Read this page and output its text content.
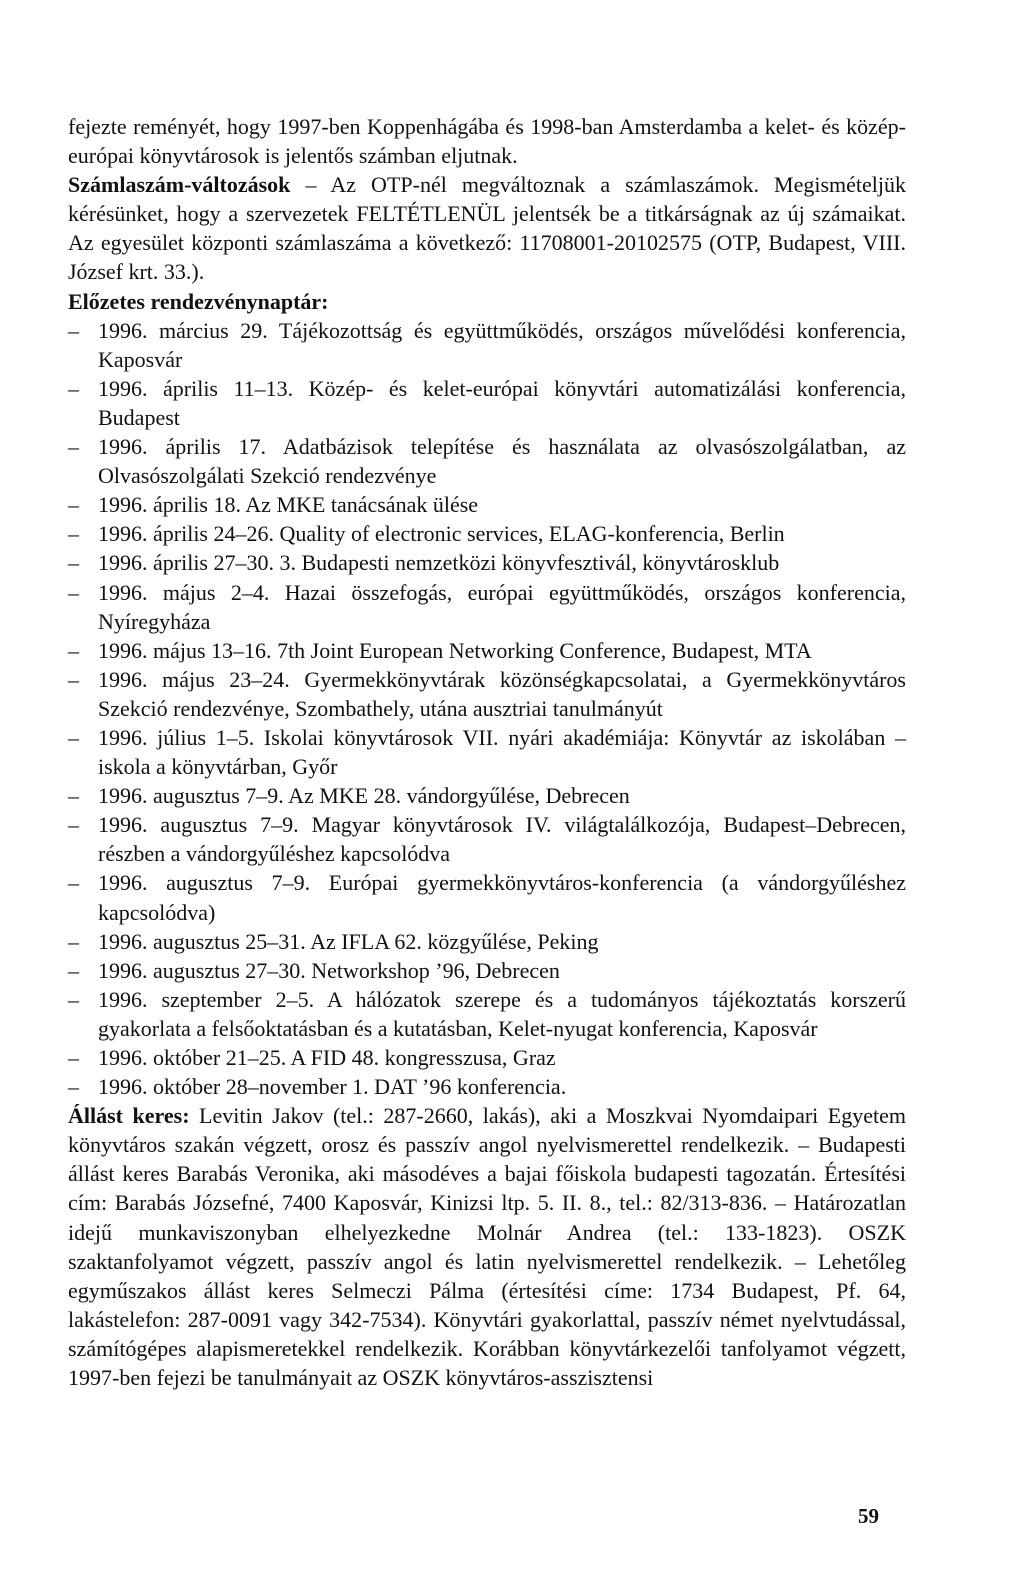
fejezte reményét, hogy 1997-ben Koppenhágába és 1998-ban Amsterdamba a kelet- és közép-európai könyvtárosok is jelentős számban eljutnak.

Számlaszám-változások – Az OTP-nél megváltoznak a számlaszámok. Megismételjük kérésünket, hogy a szervezetek FELTÉTLENÜL jelentsék be a titkárságnak az új számaikat. Az egyesület központi számlaszáma a következő: 11708001-20102575 (OTP, Budapest, VIII. József krt. 33.).

Előzetes rendezvénynaptár:

– 1996. március 29. Tájékozottság és együttműködés, országos művelődési konferencia, Kaposvár
– 1996. április 11–13. Közép- és kelet-európai könyvtári automatizálási konferencia, Budapest
– 1996. április 17. Adatbázisok telepítése és használata az olvasószolgálatban, az Olvasószolgálati Szekció rendezvénye
– 1996. április 18. Az MKE tanácsának ülése
– 1996. április 24–26. Quality of electronic services, ELAG-konferencia, Berlin
– 1996. április 27–30. 3. Budapesti nemzetközi könyvfesztivál, könyvtárosklub
– 1996. május 2–4. Hazai összefogás, európai együttműködés, országos konferencia, Nyíregyháza
– 1996. május 13–16. 7th Joint European Networking Conference, Budapest, MTA
– 1996. május 23–24. Gyermekkönyvtárak közönségkapcsolatai, a Gyermekkönyvtáros Szekció rendezvénye, Szombathely, utána ausztriai tanulmányút
– 1996. július 1–5. Iskolai könyvtárosok VII. nyári akadémiája: Könyvtár az iskolában – iskola a könyvtárban, Győr
– 1996. augusztus 7–9. Az MKE 28. vándorgyűlése, Debrecen
– 1996. augusztus 7–9. Magyar könyvtárosok IV. világtalálkozója, Budapest–Debrecen, részben a vándorgyűléshez kapcsolódva
– 1996. augusztus 7–9. Európai gyermekkönyvtáros-konferencia (a vándorgyűléshez kapcsolódva)
– 1996. augusztus 25–31. Az IFLA 62. közgyűlése, Peking
– 1996. augusztus 27–30. Networkshop ’96, Debrecen
– 1996. szeptember 2–5. A hálózatok szerepe és a tudományos tájékoztatás korszerű gyakorlata a felsőoktatásban és a kutatásban, Kelet-nyugat konferencia, Kaposvár
– 1996. október 21–25. A FID 48. kongresszusa, Graz
– 1996. október 28–november 1. DAT ’96 konferencia.

Állást keres: Levitin Jakov (tel.: 287-2660, lakás), aki a Moszkvai Nyomdaipari Egyetem könyvtáros szakán végzett, orosz és passzív angol nyelvismerettel rendelkezik. – Budapesti állást keres Barabás Veronika, aki másodéves a bajai főiskola budapesti tagozatán. Értesítési cím: Barabás Józsefné, 7400 Kaposvár, Kinizsi ltp. 5. II. 8., tel.: 82/313-836. – Határozatlan idejű munkaviszonyban elhelyezkedne Molnár Andrea (tel.: 133-1823). OSZK szaktanfolyamot végzett, passzív angol és latin nyelvismerettel rendelkezik. – Lehetőleg egyműszakos állást keres Selmeczi Pálma (értesítési címe: 1734 Budapest, Pf. 64, lakástelefon: 287-0091 vagy 342-7534). Könyvtári gyakorlattal, passzív német nyelvtudással, számítógépes alapismeretekkel rendelkezik. Korábban könyvtárkezelői tanfolyamot végzett, 1997-ben fejezi be tanulmányait az OSZK könyvtáros-asszisztensi

59
